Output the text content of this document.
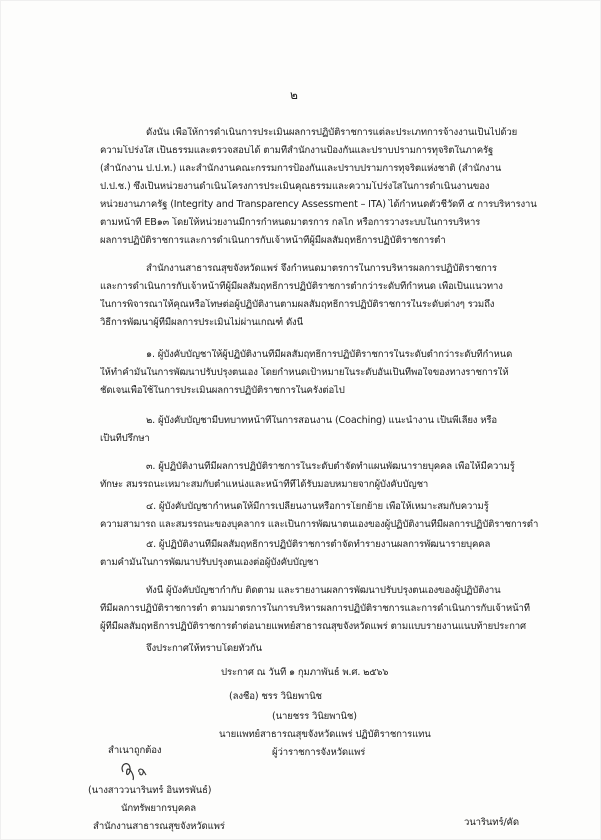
๒
ดังนั้น เพื่อให้การดำเนินการประเมินผลการปฏิบัติราชการแต่ละประเภทการจ้างงานเป็นไปด้วย
ความโปร่งใส เป็นธรรมและตรวจสอบได้ ตามที่สำนักงานป้องกันและปราบปรามการทุจริตในภาครัฐ
(สำนักงาน ป.ป.ท.) และสำนักงานคณะกรรมการป้องกันและปราบปรามการทุจริตแห่งชาติ (สำนักงาน
ป.ป.ช.) ซึ่งเป็นหน่วยงานดำเนินโครงการประเมินคุณธรรมและความโปร่งใสในการดำเนินงานของ
หน่วยงานภาครัฐ (Integrity and Transparency Assessment – ITA) ได้กำหนดตัวชี้วัดที่ ๕ การบริหารงาน
ตามหน้าที่ EB๑๓ โดยให้หน่วยงานมีการกำหนดมาตรการ กลไก หรือการวางระบบในการบริหาร
ผลการปฏิบัติราชการและการดำเนินการกับเจ้าหน้าที่ผู้มีผลสัมฤทธิ์การปฏิบัติราชการต่ำ
สำนักงานสาธารณสุขจังหวัดแพร่ จึงกำหนดมาตรการในการบริหารผลการปฏิบัติราชการ
และการดำเนินการกับเจ้าหน้าที่ผู้มีผลสัมฤทธิ์การปฏิบัติราชการต่ำกว่าระดับที่กำหนด เพื่อเป็นแนวทาง
ในการพิจารณาให้คุณหรือโทษต่อผู้ปฏิบัติงานตามผลสัมฤทธิ์การปฏิบัติราชการในระดับต่างๆ รวมถึง
วิธีการพัฒนาผู้ที่มีผลการประเมินไม่ผ่านเกณฑ์ ดังนี้
๑. ผู้บังคับบัญชาให้ผู้ปฏิบัติงานที่มีผลสัมฤทธิ์การปฏิบัติราชการในระดับต่ำกว่าระดับที่กำหนด
ให้ทำคำมั่นในการพัฒนาปรับปรุงตนเอง โดยกำหนดเป้าหมายในระดับอันเป็นที่พอใจของทางราชการให้
ชัดเจนเพื่อใช้ในการประเมินผลการปฏิบัติราชการในครั้งต่อไป
๒. ผู้บังคับบัญชามีบทบาทหน้าที่ในการสอนงาน (Coaching) แนะนำงาน เป็นพี่เลี้ยง หรือ
เป็นที่ปรึกษา
๓. ผู้ปฏิบัติงานที่มีผลการปฏิบัติราชการในระดับต่ำจัดทำแผนพัฒนารายบุคคล เพื่อให้มีความรู้
ทักษะ สมรรถนะเหมาะสมกับตำแหน่งและหน้าที่ที่ได้รับมอบหมายจากผู้บังคับบัญชา
๔. ผู้บังคับบัญชากำหนดให้มีการเปลี่ยนงานหรือการโยกย้าย เพื่อให้เหมาะสมกับความรู้
ความสามารถ และสมรรถนะของบุคลากร และเป็นการพัฒนาตนเองของผู้ปฏิบัติงานที่มีผลการปฏิบัติราชการต่ำ
๕. ผู้ปฏิบัติงานที่มีผลสัมฤทธิ์การปฏิบัติราชการต่ำจัดทำรายงานผลการพัฒนารายบุคคล
ตามคำมั่นในการพัฒนาปรับปรุงตนเองต่อผู้บังคับบัญชา
ทั้งนี้ ผู้บังคับบัญชากำกับ ติดตาม และรายงานผลการพัฒนาปรับปรุงตนเองของผู้ปฏิบัติงาน
ที่มีผลการปฏิบัติราชการต่ำ ตามมาตรการในการบริหารผลการปฏิบัติราชการและการดำเนินการกับเจ้าหน้าที่
ผู้ที่มีผลสัมฤทธิ์การปฏิบัติราชการต่ำต่อนายแพทย์สาธารณสุขจังหวัดแพร่ ตามแบบรายงานแนบท้ายประกาศ
จึงประกาศให้ทราบโดยทั่วกัน
ประกาศ ณ วันที่ ๑ กุมภาพันธ์ พ.ศ. ๒๕๖๖
(ลงชื่อ) ชรร วินิยพานิช
(นายชรร วินิยพานิช)
นายแพทย์สาธารณสุขจังหวัดแพร่ ปฏิบัติราชการแทน
ผู้ว่าราชการจังหวัดแพร่
สำเนาถูกต้อง
(นางสาววนารินทร์ อินทรพันธ์)
นักทรัพยากรบุคคล
สำนักงานสาธารณสุขจังหวัดแพร่	วนารินทร์/คัด
